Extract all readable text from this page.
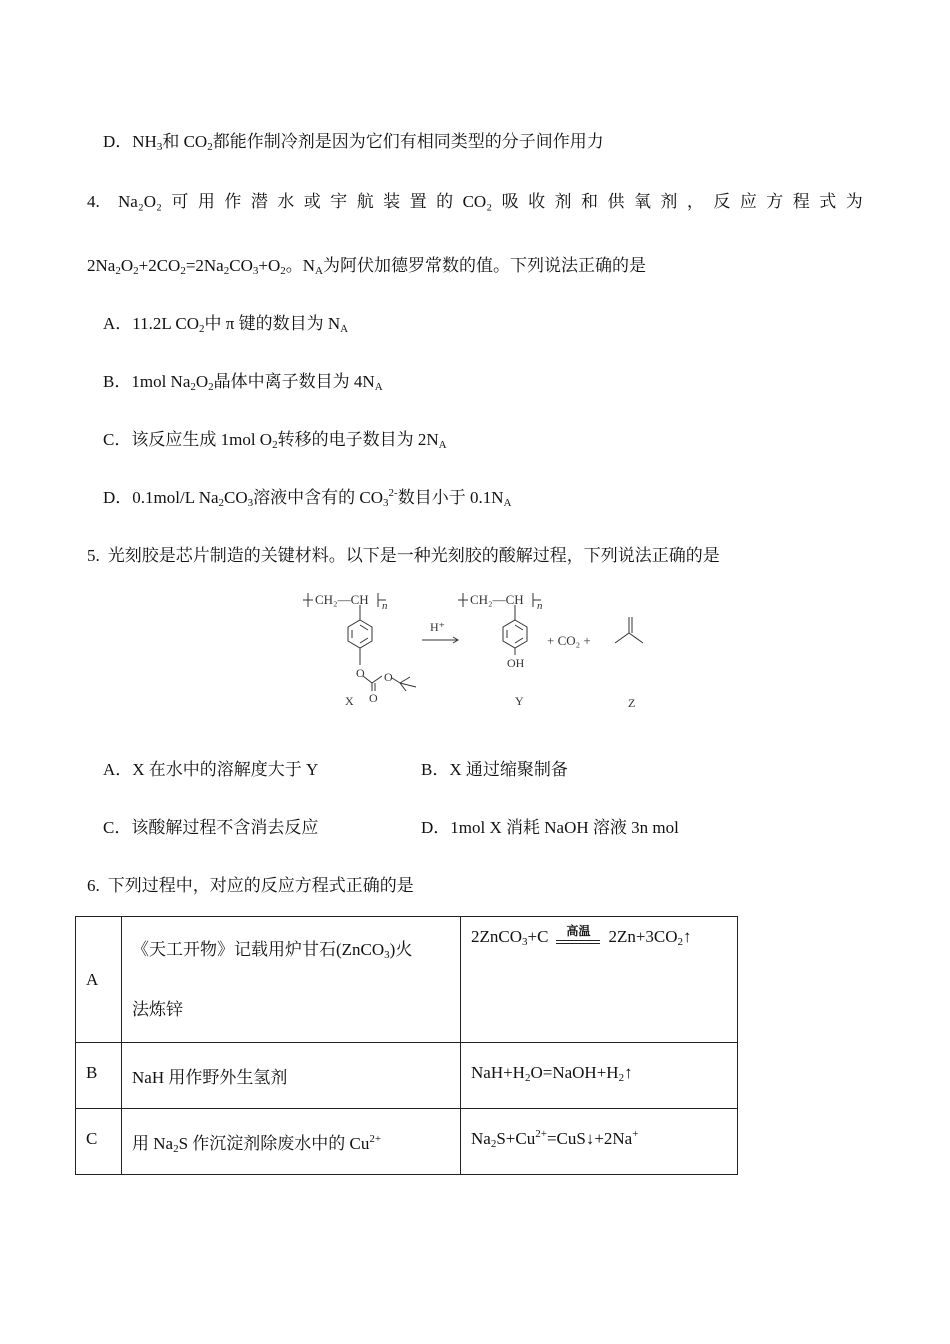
D．$NH_3$和 $CO_2$都能作制冷剂是因为它们有相同类型的分子间作用力
4.	Na₂O₂ 可 用 作 潜 水 或 宇 航 装 置 的 CO₂ 吸 收 剂 和 供 氧 剂 ， 反 应 方 程 式 为
$2Na_2O_2+2CO_2=2Na_2CO_3+O_2$。$N_A$为阿伏加德罗常数的值。下列说法正确的是
A．11.2L $CO_2$中 π 键的数目为 $N_A$
B．1mol $Na_2O_2$晶体中离子数目为 $4N_A$
C．该反应生成 1mol $O_2$转移的电子数目为 $2N_A$
D．0.1mol/L $Na_2CO_3$溶液中含有的 $CO_3^{2-}$数目小于 $0.1N_A$
5. 光刻胶是芯片制造的关键材料。以下是一种光刻胶的酸解过程，下列说法正确的是
CH₂—CH n
O O
O
H⁺
CH₂—CH n
OH
+ CO₂ +
X	Y	Z
A．X 在水中的溶解度大于 Y	B．X 通过缩聚制备
C．该酸解过程不含消去反应	D．1mol X 消耗 NaOH 溶液 3n mol
6. 下列过程中，对应的反应方程式正确的是
A	《天工开物》记载用炉甘石(ZnCO$_3$)火
法炼锌	2ZnCO$_3$+C $^{高温}$ $2Zn+3CO_2↑$
B	NaH 用作野外生氢剂	$NaH+H_2O=NaOH+H_2↑$
C	用 $Na_2S$ 作沉淀剂除废水中的 $Cu^{2+}$	$Na_2S+Cu^{2+}=CuS↓+2Na^+$
